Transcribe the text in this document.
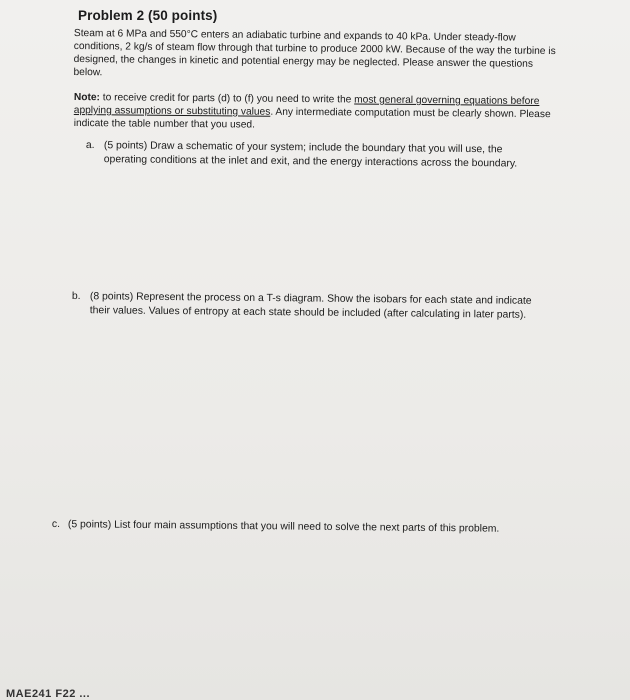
Problem 2 (50 points)
Steam at 6 MPa and 550°C enters an adiabatic turbine and expands to 40 kPa. Under steady-flow conditions, 2 kg/s of steam flow through that turbine to produce 2000 kW. Because of the way the turbine is designed, the changes in kinetic and potential energy may be neglected. Please answer the questions below.
Note: to receive credit for parts (d) to (f) you need to write the most general governing equations before applying assumptions or substituting values. Any intermediate computation must be clearly shown. Please indicate the table number that you used.
a. (5 points) Draw a schematic of your system; include the boundary that you will use, the operating conditions at the inlet and exit, and the energy interactions across the boundary.
b. (8 points) Represent the process on a T-s diagram. Show the isobars for each state and indicate their values. Values of entropy at each state should be included (after calculating in later parts).
c. (5 points) List four main assumptions that you will need to solve the next parts of this problem.
MAE241 F22 ...
